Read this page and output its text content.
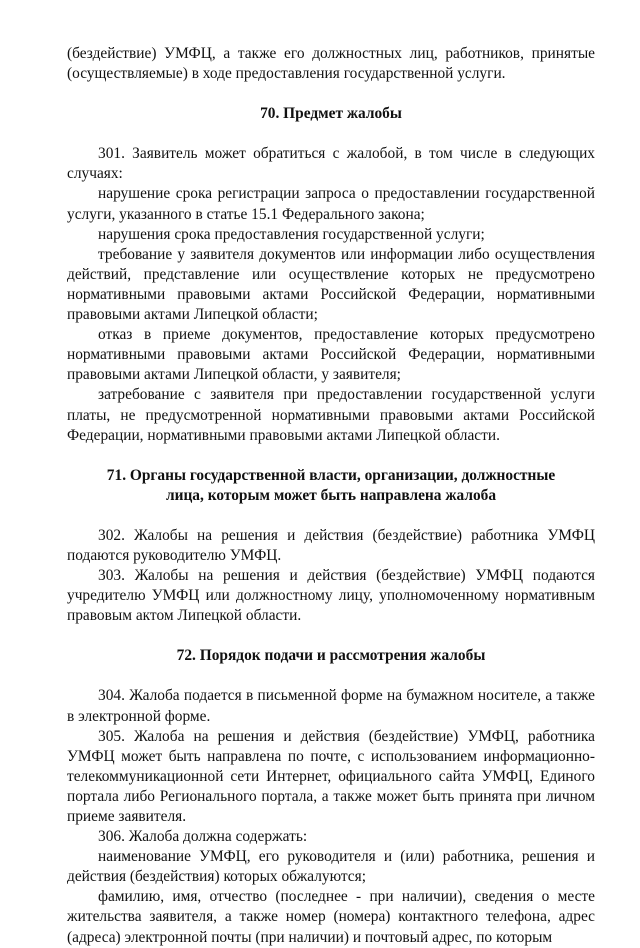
(бездействие) УМФЦ, а также его должностных лиц, работников, принятые (осуществляемые) в ходе предоставления государственной услуги.

70. Предмет жалобы

301. Заявитель может обратиться с жалобой, в том числе в следующих случаях:

нарушение срока регистрации запроса о предоставлении государственной услуги, указанного в статье 15.1 Федерального закона;

нарушения срока предоставления государственной услуги;

требование у заявителя документов или информации либо осуществления действий, представление или осуществление которых не предусмотрено нормативными правовыми актами Российской Федерации, нормативными правовыми актами Липецкой области;

отказ в приеме документов, предоставление которых предусмотрено нормативными правовыми актами Российской Федерации, нормативными правовыми актами Липецкой области, у заявителя;

затребование с заявителя при предоставлении государственной услуги платы, не предусмотренной нормативными правовыми актами Российской Федерации, нормативными правовыми актами Липецкой области.

71. Органы государственной власти, организации, должностные

лица, которым может быть направлена жалоба

302. Жалобы на решения и действия (бездействие) работника УМФЦ подаются руководителю УМФЦ.

303. Жалобы на решения и действия (бездействие) УМФЦ подаются учредителю УМФЦ или должностному лицу, уполномоченному нормативным правовым актом Липецкой области.

72. Порядок подачи и рассмотрения жалобы

304. Жалоба подается в письменной форме на бумажном носителе, а также в электронной форме.

305. Жалоба на решения и действия (бездействие) УМФЦ, работника УМФЦ может быть направлена по почте, с использованием информационно-телекоммуникационной сети Интернет, официального сайта УМФЦ, Единого портала либо Регионального портала, а также может быть принята при личном приеме заявителя.

306. Жалоба должна содержать:

наименование УМФЦ, его руководителя и (или) работника, решения и действия (бездействия) которых обжалуются;

фамилию, имя, отчество (последнее - при наличии), сведения о месте жительства заявителя, а также номер (номера) контактного телефона, адрес (адреса) электронной почты (при наличии) и почтовый адрес, по которым
